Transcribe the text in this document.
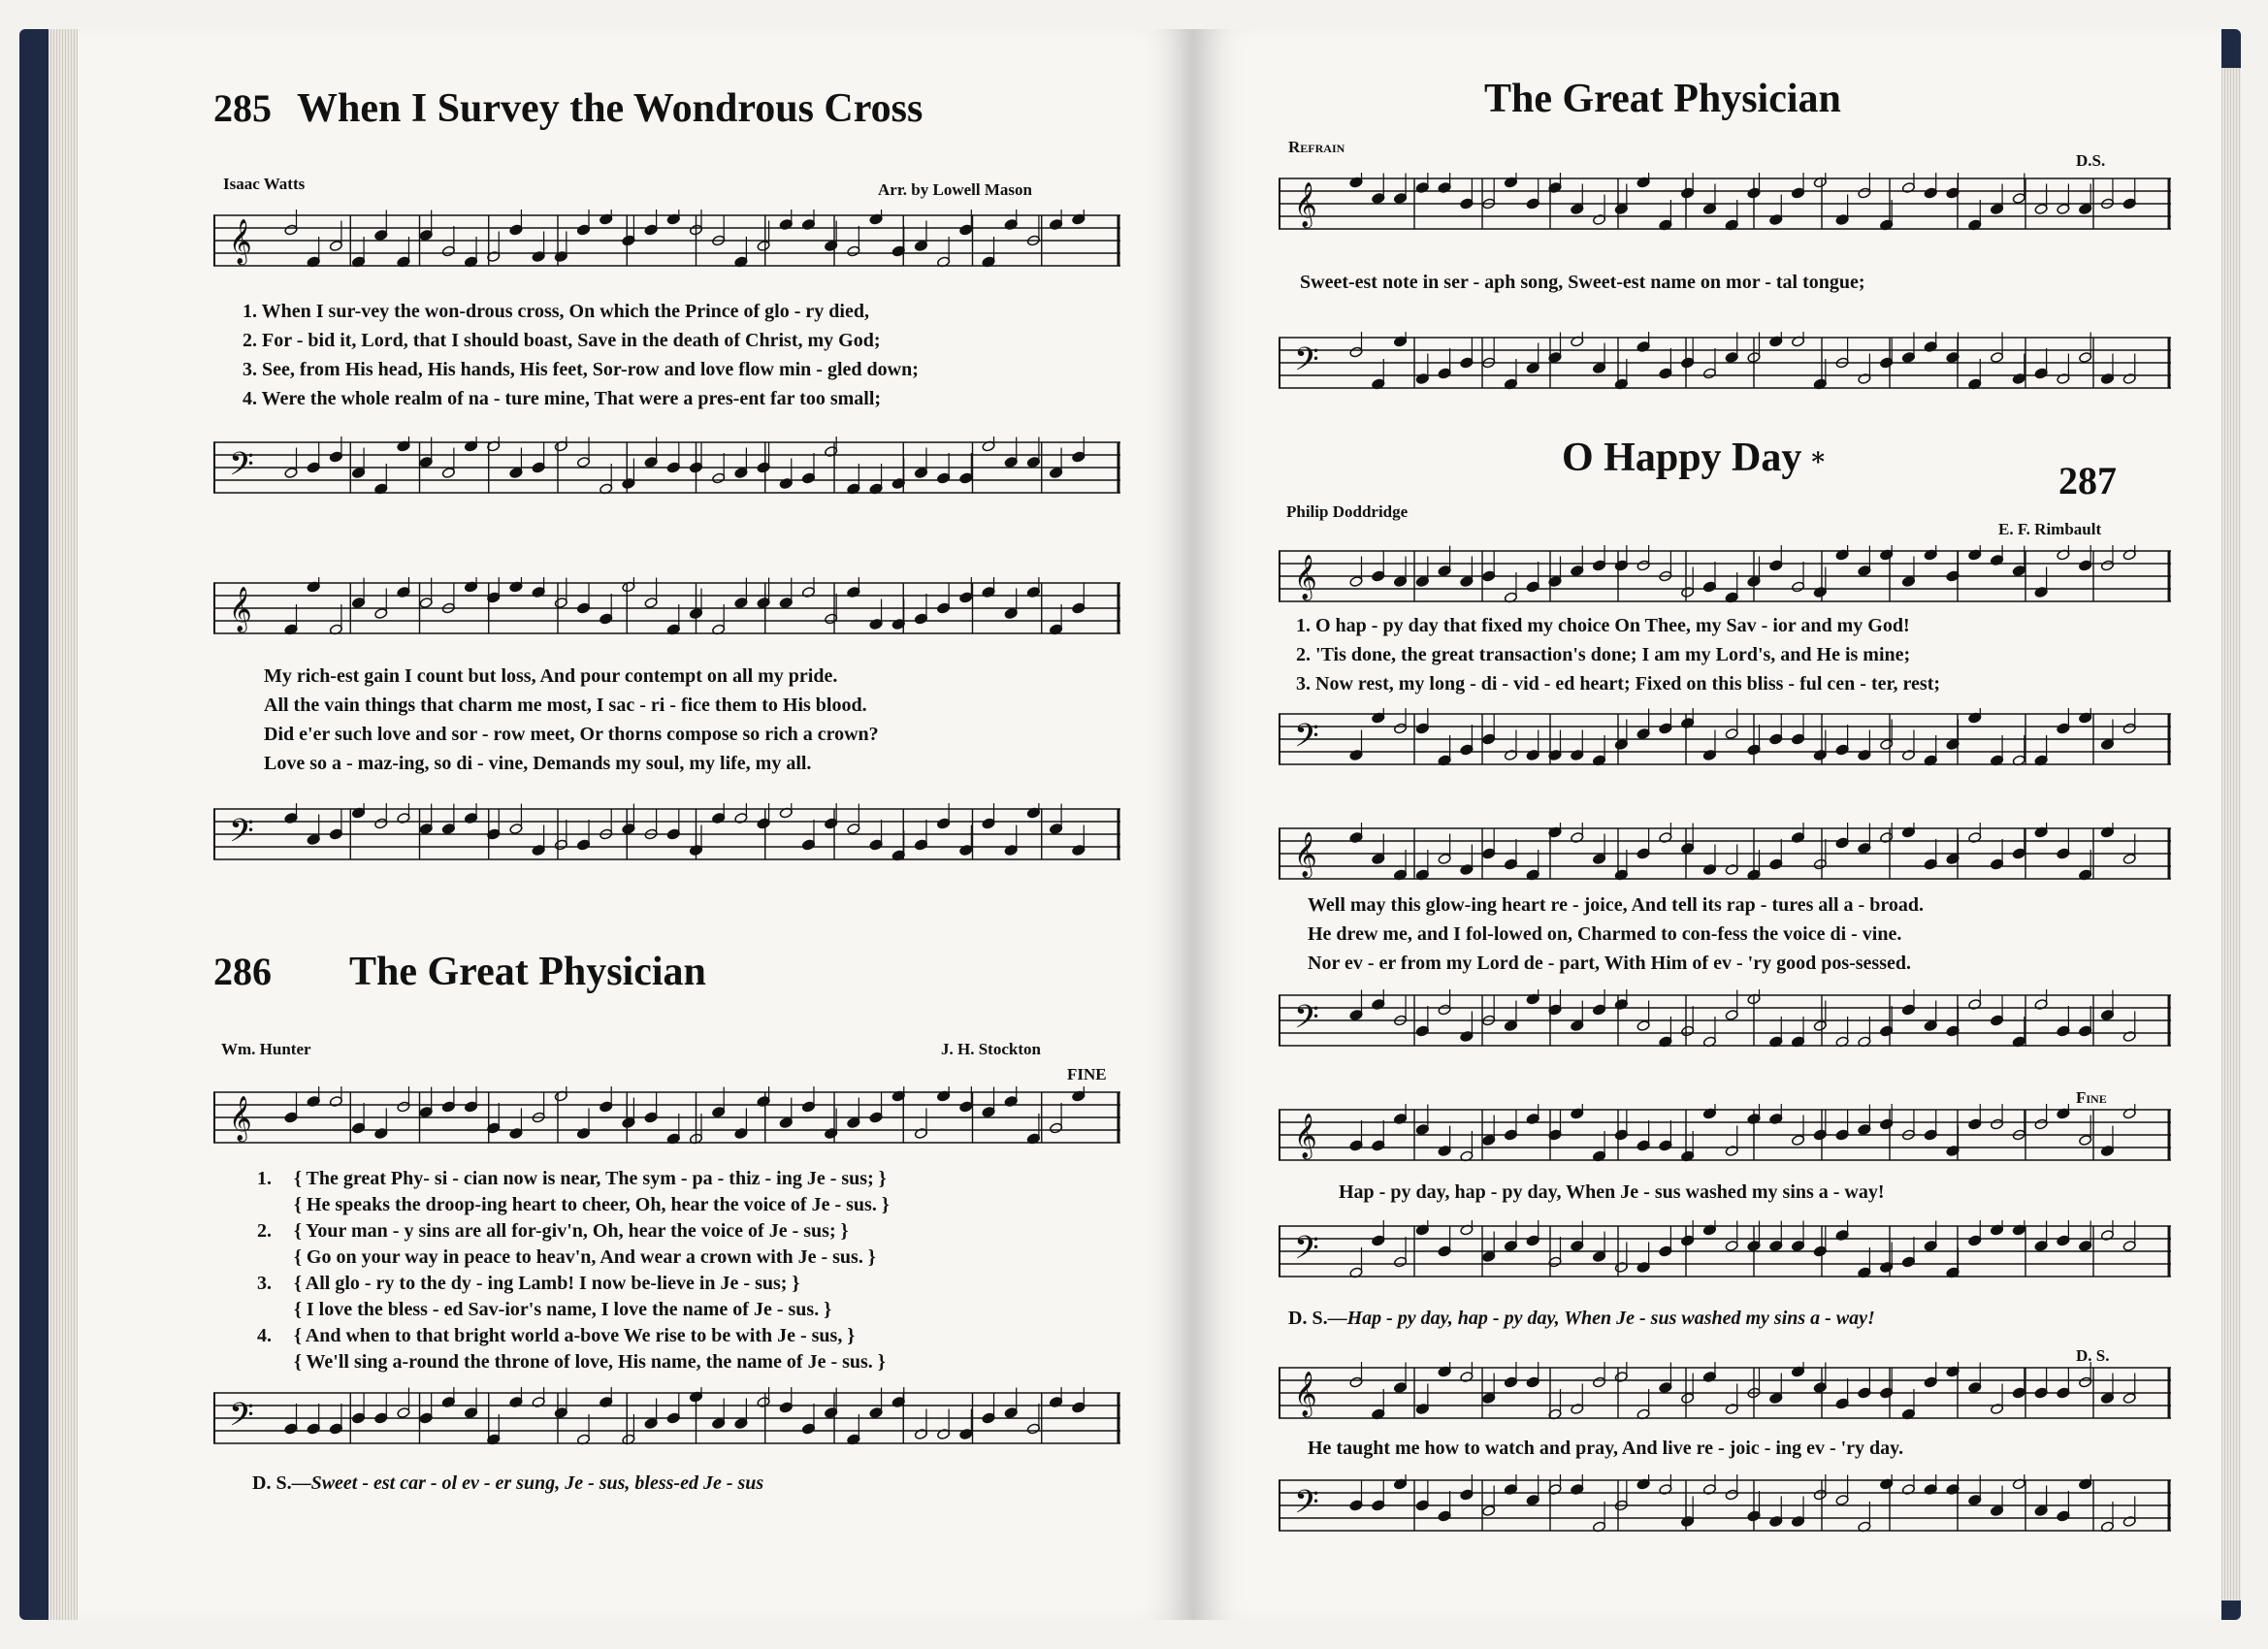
285 When I Survey the Wondrous Cross
Isaac Watts	Arr. by Lowell Mason
𝄞
1. When I sur-vey the won-drous cross, On which the Prince of glo - ry died,
2. For - bid it, Lord, that I should boast, Save in the death of Christ, my God;
3. See, from His head, His hands, His feet, Sor-row and love flow min - gled down;
4. Were the whole realm of na - ture mine, That were a pres-ent far too small;
𝄢
𝄞
My rich-est gain I count but loss, And pour contempt on all my pride.
All the vain things that charm me most, I sac - ri - fice them to His blood.
Did e'er such love and sor - row meet, Or thorns compose so rich a crown?
Love so a - maz-ing, so di - vine, Demands my soul, my life, my all.
𝄢
286 The Great Physician
Wm. Hunter	J. H. Stockton
FINE
𝄞
1.	{ The great Phy- si - cian now is near, The sym - pa - thiz - ing Je - sus; }
{ He speaks the droop-ing heart to cheer, Oh, hear the voice of Je - sus. }
2.	{ Your man - y sins are all for-giv'n, Oh, hear the voice of Je - sus; }
{ Go on your way in peace to heav'n, And wear a crown with Je - sus. }
3.	{ All glo - ry to the dy - ing Lamb! I now be-lieve in Je - sus; }
{ I love the bless - ed Sav-ior's name, I love the name of Je - sus. }
4.	{ And when to that bright world a-bove We rise to be with Je - sus, }
{ We'll sing a-round the throne of love, His name, the name of Je - sus. }
𝄢
D. S.—Sweet - est car - ol ev - er sung, Je - sus, bless-ed Je - sus
The Great Physician
Refrain
D.S.
𝄞
Sweet-est note in ser - aph song, Sweet-est name on mor - tal tongue;
𝄢
O Happy Day *	287
Philip Doddridge
E. F. Rimbault
𝄞
1. O hap - py day that fixed my choice On Thee, my Sav - ior and my God!
2. 'Tis done, the great transaction's done; I am my Lord's, and He is mine;
3. Now rest, my long - di - vid - ed heart; Fixed on this bliss - ful cen - ter, rest;
𝄢
𝄞
Well may this glow-ing heart re - joice, And tell its rap - tures all a - broad.
He drew me, and I fol-lowed on, Charmed to con-fess the voice di - vine.
Nor ev - er from my Lord de - part, With Him of ev - 'ry good pos-sessed.
𝄢
Fine
𝄞
Hap - py day, hap - py day, When Je - sus washed my sins a - way!
𝄢
D. S.—Hap - py day, hap - py day, When Je - sus washed my sins a - way!
D. S.
𝄞
He taught me how to watch and pray, And live re - joic - ing ev - 'ry day.
𝄢
